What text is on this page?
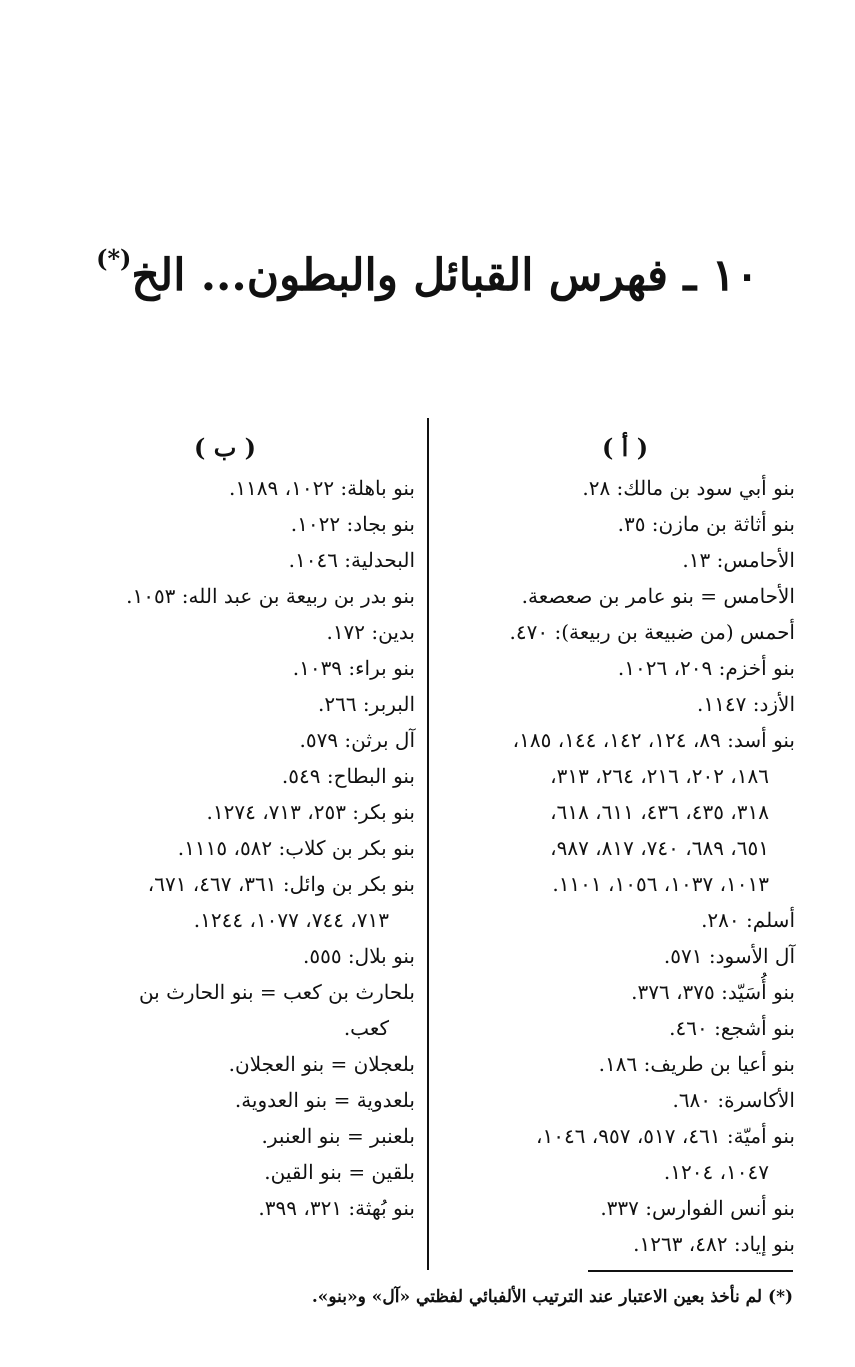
١٠ ـ فهرس القبائل والبطون... الخ(*)
( أ )
بنو أبي سود بن مالك: ٢٨.
بنو أثاثة بن مازن: ٣٥.
الأحامس: ١٣.
الأحامس = بنو عامر بن صعصعة.
أحمس (من ضبيعة بن ربيعة): ٤٧٠.
بنو أخزم: ٢٠٩، ١٠٢٦.
الأزد: ١١٤٧.
بنو أسد: ٨٩، ١٢٤، ١٤٢، ١٤٤، ١٨٥،
١٨٦، ٢٠٢، ٢١٦، ٢٦٤، ٣١٣،
٣١٨، ٤٣٥، ٤٣٦، ٦١١، ٦١٨،
٦٥١، ٦٨٩، ٧٤٠، ٨١٧، ٩٨٧،
١٠١٣، ١٠٣٧، ١٠٥٦، ١١٠١.
أسلم: ٢٨٠.
آل الأسود: ٥٧١.
بنو أُسَيّد: ٣٧٥، ٣٧٦.
بنو أشجع: ٤٦٠.
بنو أعيا بن طريف: ١٨٦.
الأكاسرة: ٦٨٠.
بنو أميّة: ٤٦١، ٥١٧، ٩٥٧، ١٠٤٦،
١٠٤٧، ١٢٠٤.
بنو أنس الفوارس: ٣٣٧.
بنو إياد: ٤٨٢، ١٢٦٣.
( ب )
بنو باهلة: ١٠٢٢، ١١٨٩.
بنو بجاد: ١٠٢٢.
البحدلية: ١٠٤٦.
بنو بدر بن ربيعة بن عبد الله: ١٠٥٣.
بدين: ١٧٢.
بنو براء: ١٠٣٩.
البربر: ٢٦٦.
آل برثن: ٥٧٩.
بنو البطاح: ٥٤٩.
بنو بكر: ٢٥٣، ٧١٣، ١٢٧٤.
بنو بكر بن كلاب: ٥٨٢، ١١١٥.
بنو بكر بن وائل: ٣٦١، ٤٦٧، ٦٧١،
٧١٣، ٧٤٤، ١٠٧٧، ١٢٤٤.
بنو بلال: ٥٥٥.
بلحارث بن كعب = بنو الحارث بن
كعب.
بلعجلان = بنو العجلان.
بلعدوية = بنو العدوية.
بلعنبر = بنو العنبر.
بلقين = بنو القين.
بنو بُهثة: ٣٢١، ٣٩٩.
(*) لم نأخذ بعين الاعتبار عند الترتيب الألفبائي لفظتي «آل» و«بنو».
